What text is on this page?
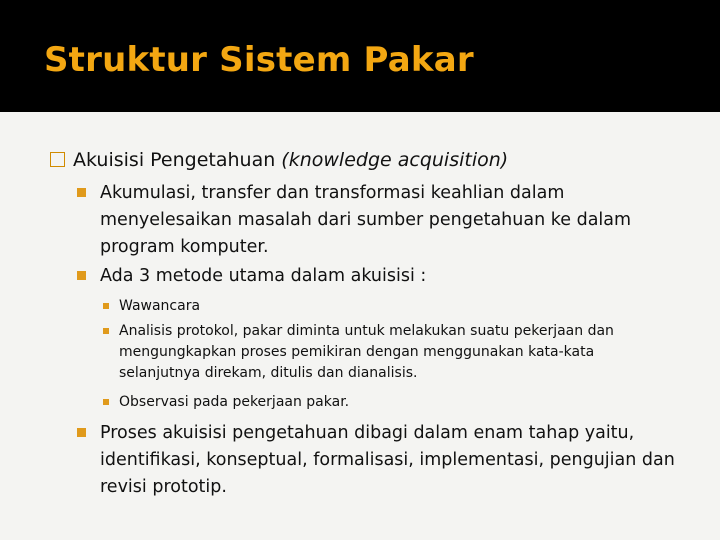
Struktur Sistem Pakar
Akuisisi Pengetahuan (knowledge acquisition)
Akumulasi, transfer dan transformasi keahlian dalam menyelesaikan masalah dari sumber pengetahuan ke dalam program komputer.
Ada 3 metode utama dalam akuisisi :
Wawancara
Analisis protokol, pakar diminta untuk melakukan suatu pekerjaan dan mengungkapkan proses pemikiran dengan menggunakan kata-kata selanjutnya direkam, ditulis dan dianalisis.
Observasi pada pekerjaan pakar.
Proses akuisisi pengetahuan dibagi dalam enam tahap yaitu, identifikasi, konseptual, formalisasi, implementasi, pengujian dan revisi prototip.
